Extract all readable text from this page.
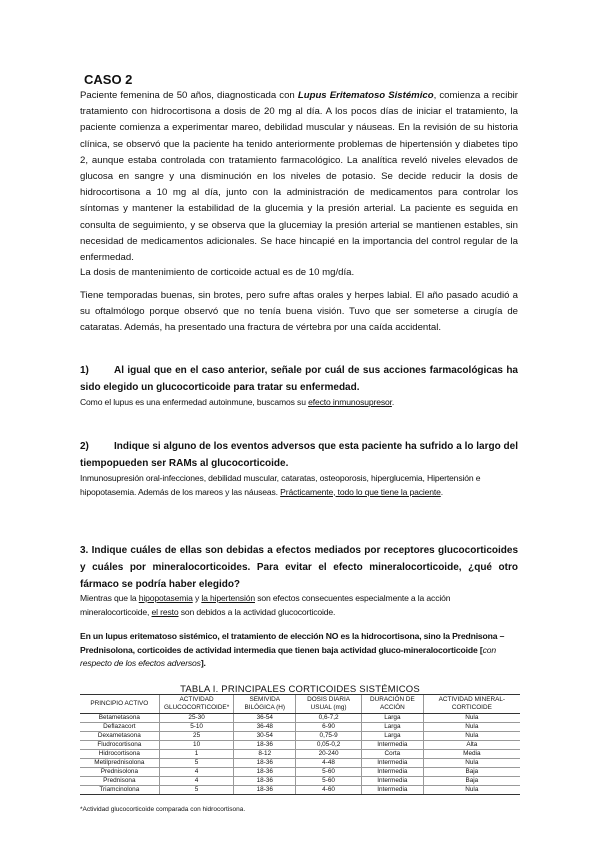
CASO 2
Paciente femenina de 50 años, diagnosticada con Lupus Eritematoso Sistémico, comienza a recibir tratamiento con hidrocortisona a dosis de 20 mg al día. A los pocos días de iniciar el tratamiento, la paciente comienza a experimentar mareo, debilidad muscular y náuseas. En la revisión de su historia clínica, se observó que la paciente ha tenido anteriormente problemas de hipertensión y diabetes tipo 2, aunque estaba controlada con tratamiento farmacológico. La analítica reveló niveles elevados de glucosa en sangre y una disminución en los niveles de potasio. Se decide reducir la dosis de hidrocortisona a 10 mg al día, junto con la administración de medicamentos para controlar los síntomas y mantener la estabilidad de la glucemia y la presión arterial. La paciente es seguida en consulta de seguimiento, y se observa que la glucemiay la presión arterial se mantienen estables, sin necesidad de medicamentos adicionales. Se hace hincapié en la importancia del control regular de la enfermedad.
La dosis de mantenimiento de corticoide actual es de 10 mg/día.
Tiene temporadas buenas, sin brotes, pero sufre aftas orales y herpes labial. El año pasado acudió a su oftalmólogo porque observó que no tenía buena visión. Tuvo que ser someterse a cirugía de cataratas. Además, ha presentado una fractura de vértebra por una caída accidental.
1)	Al igual que en el caso anterior, señale por cuál de sus acciones farmacológicas ha sido elegido un glucocorticoide para tratar su enfermedad.
Como el lupus es una enfermedad autoinmune, buscamos su efecto inmunosupresor.
2)	Indique si alguno de los eventos adversos que esta paciente ha sufrido a lo largo del tiempopueden ser RAMs al glucocorticoide.
Inmunosupresión oral-infecciones, debilidad muscular, cataratas, osteoporosis, hiperglucemia, Hipertensión e hipopotasemia. Además de los mareos y las náuseas. Prácticamente, todo lo que tiene la paciente.
3. Indique cuáles de ellas son debidas a efectos mediados por receptores glucocorticoides y cuáles por mineralocorticoides. Para evitar el efecto mineralocorticoide, ¿qué otro fármaco se podría haber elegido?
Mientras que la hipopotasemia y la hipertensión son efectos consecuentes especialmente a la acción mineralocorticoide, el resto son debidos a la actividad glucocorticoide.
En un lupus eritematoso sistémico, el tratamiento de elección NO es la hidrocortisona, sino la Prednisona – Prednisolona, corticoides de actividad intermedia que tienen baja actividad gluco-mineralocorticoide [con respecto de los efectos adversos].
TABLA I. PRINCIPALES CORTICOIDES SISTÉMICOS
PRINCIPIO ACTIVO	ACTIVIDAD GLUCOCORTICOIDE*	SEMIVIDA BILÓGICA (H)	DOSIS DIARIA USUAL (mg)	DURACIÓN DE ACCIÓN	ACTIVIDAD MINERAL-CORTICOIDE
Betametasona	25-30	36-54	0,6-7,2	Larga	Nula
Deflazacort	5-10	36-48	6-90	Larga	Nula
Dexametasona	25	30-54	0,75-9	Larga	Nula
Fludrocortisona	10	18-36	0,05-0,2	Intermedia	Alta
Hidrocortisona	1	8-12	20-240	Corta	Media
Metilprednisolona	5	18-36	4-48	Intermedia	Nula
Prednisolona	4	18-36	5-60	Intermedia	Baja
Prednisona	4	18-36	5-60	Intermedia	Baja
Triamcinolona	5	18-36	4-60	Intermedia	Nula
*Actividad glucocorticoide comparada con hidrocortisona.
